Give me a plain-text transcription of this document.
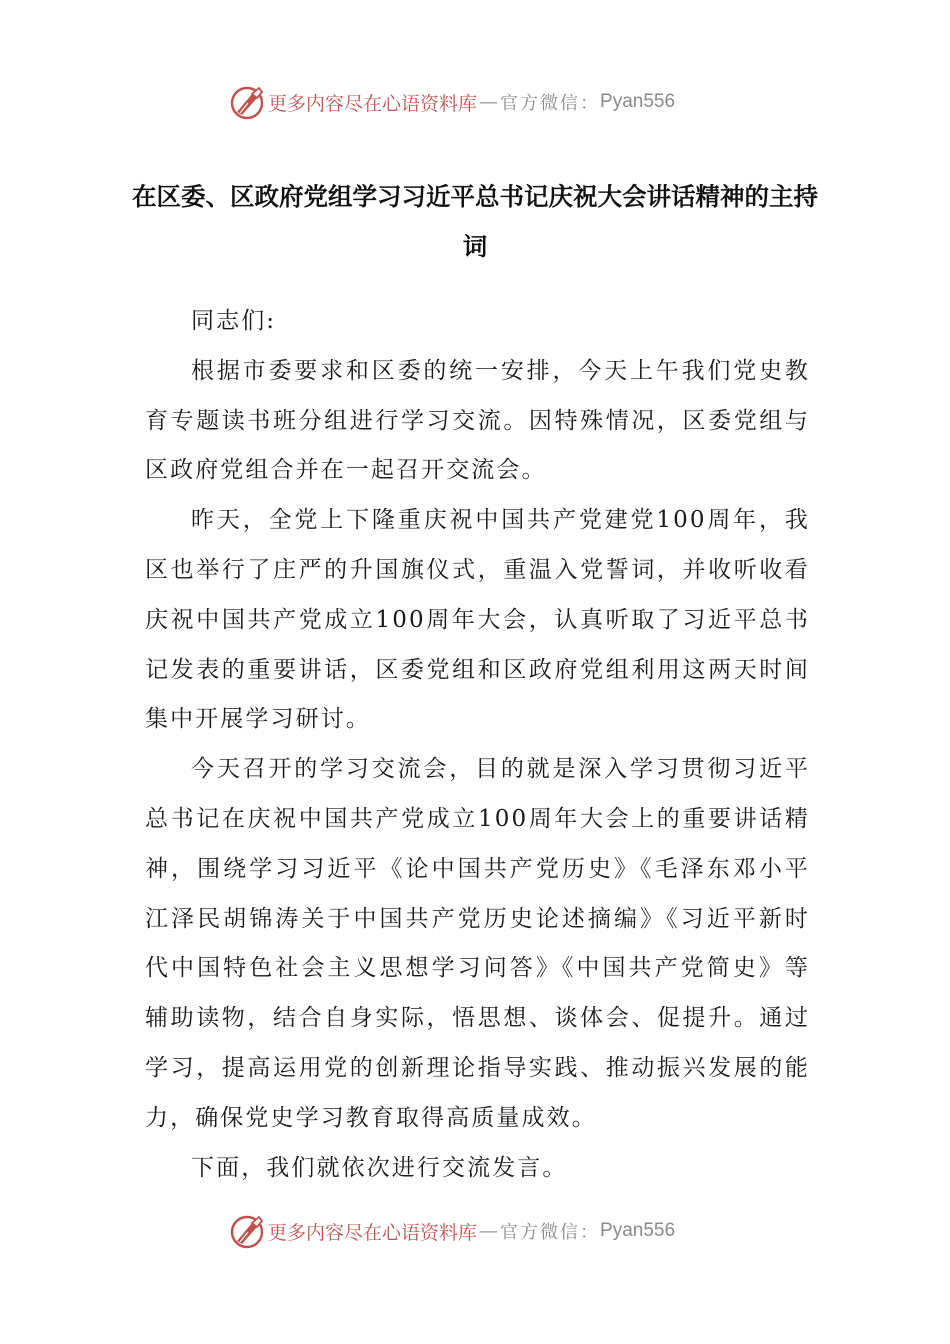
更多内容尽在心语资料库 — 官方微信： Pyan556
在区委、区政府党组学习习近平总书记庆祝大会讲话精神的主持词

同志们:

根据市委要求和区委的统一安排，今天上午我们党史教育专题读书班分组进行学习交流。因特殊情况，区委党组与区政府党组合并在一起召开交流会。

昨天，全党上下隆重庆祝中国共产党建党100周年，我区也举行了庄严的升国旗仪式，重温入党誓词，并收听收看庆祝中国共产党成立100周年大会，认真听取了习近平总书记发表的重要讲话，区委党组和区政府党组利用这两天时间集中开展学习研讨。

今天召开的学习交流会，目的就是深入学习贯彻习近平总书记在庆祝中国共产党成立100周年大会上的重要讲话精神，围绕学习习近平《论中国共产党历史》《毛泽东邓小平江泽民胡锦涛关于中国共产党历史论述摘编》《习近平新时代中国特色社会主义思想学习问答》《中国共产党简史》等辅助读物，结合自身实际，悟思想、谈体会、促提升。通过学习，提高运用党的创新理论指导实践、推动振兴发展的能力，确保党史学习教育取得高质量成效。

下面，我们就依次进行交流发言。

更多内容尽在心语资料库 — 官方微信： Pyan556
